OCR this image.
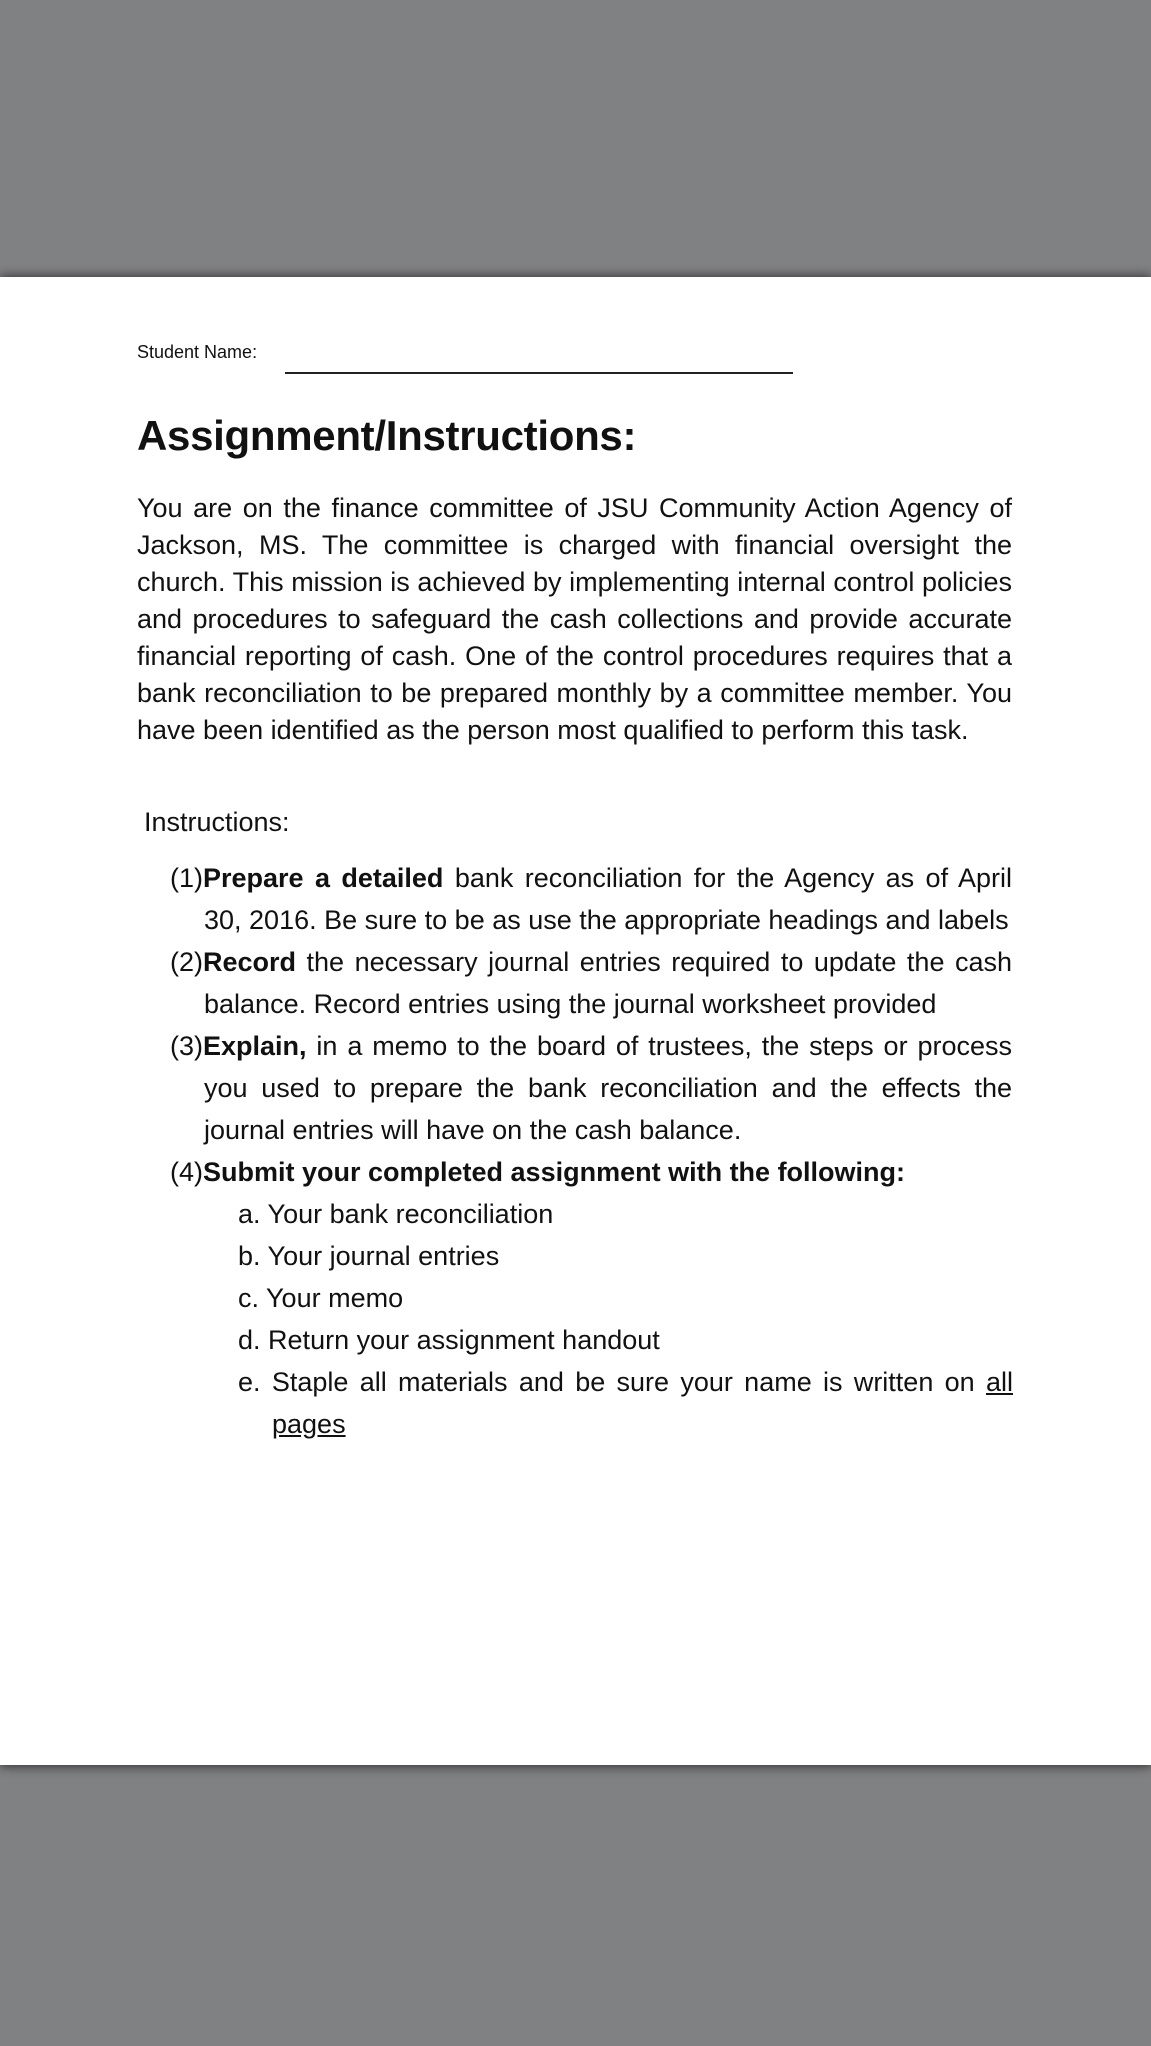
Student Name:
Assignment/Instructions:

You are on the finance committee of JSU Community Action Agency of Jackson, MS. The committee is charged with financial oversight the church. This mission is achieved by implementing internal control policies and procedures to safeguard the cash collections and provide accurate financial reporting of cash. One of the control procedures requires that a bank reconciliation to be prepared monthly by a committee member. You have been identified as the person most qualified to perform this task.

Instructions:
(1)Prepare a detailed bank reconciliation for the Agency as of April 30, 2016. Be sure to be as use the appropriate headings and labels
(2)Record the necessary journal entries required to update the cash balance. Record entries using the journal worksheet provided
(3)Explain, in a memo to the board of trustees, the steps or process you used to prepare the bank reconciliation and the effects the journal entries will have on the cash balance.
(4)Submit your completed assignment with the following:
a. Your bank reconciliation
b. Your journal entries
c. Your memo
d. Return your assignment handout
e. Staple all materials and be sure your name is written on all pages
